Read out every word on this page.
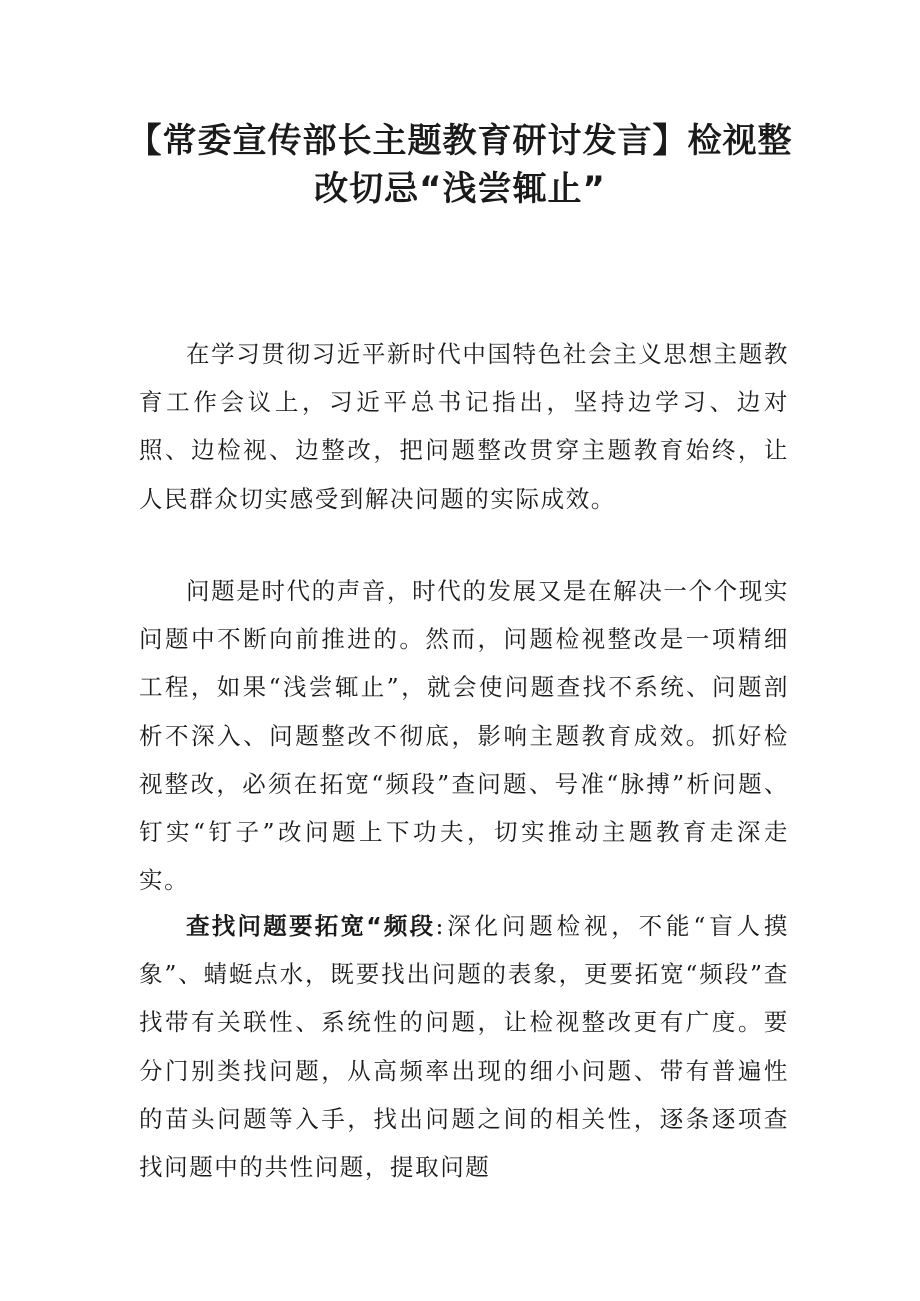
【常委宣传部长主题教育研讨发言】检视整
改切忌“浅尝辄止”

在学习贯彻习近平新时代中国特色社会主义思想主题教育工作会议上，习近平总书记指出，坚持边学习、边对照、边检视、边整改，把问题整改贯穿主题教育始终，让人民群众切实感受到解决问题的实际成效。

问题是时代的声音，时代的发展又是在解决一个个现实问题中不断向前推进的。然而，问题检视整改是一项精细工程，如果“浅尝辄止”，就会使问题查找不系统、问题剖析不深入、问题整改不彻底，影响主题教育成效。抓好检视整改，必须在拓宽“频段”查问题、号准“脉搏”析问题、钉实“钉子”改问题上下功夫，切实推动主题教育走深走实。

查找问题要拓宽“频段:深化问题检视，不能“盲人摸象”、蜻蜓点水，既要找出问题的表象，更要拓宽“频段”查找带有关联性、系统性的问题，让检视整改更有广度。要分门别类找问题，从高频率出现的细小问题、带有普遍性的苗头问题等入手，找出问题之间的相关性，逐条逐项查找问题中的共性问题，提取问题
